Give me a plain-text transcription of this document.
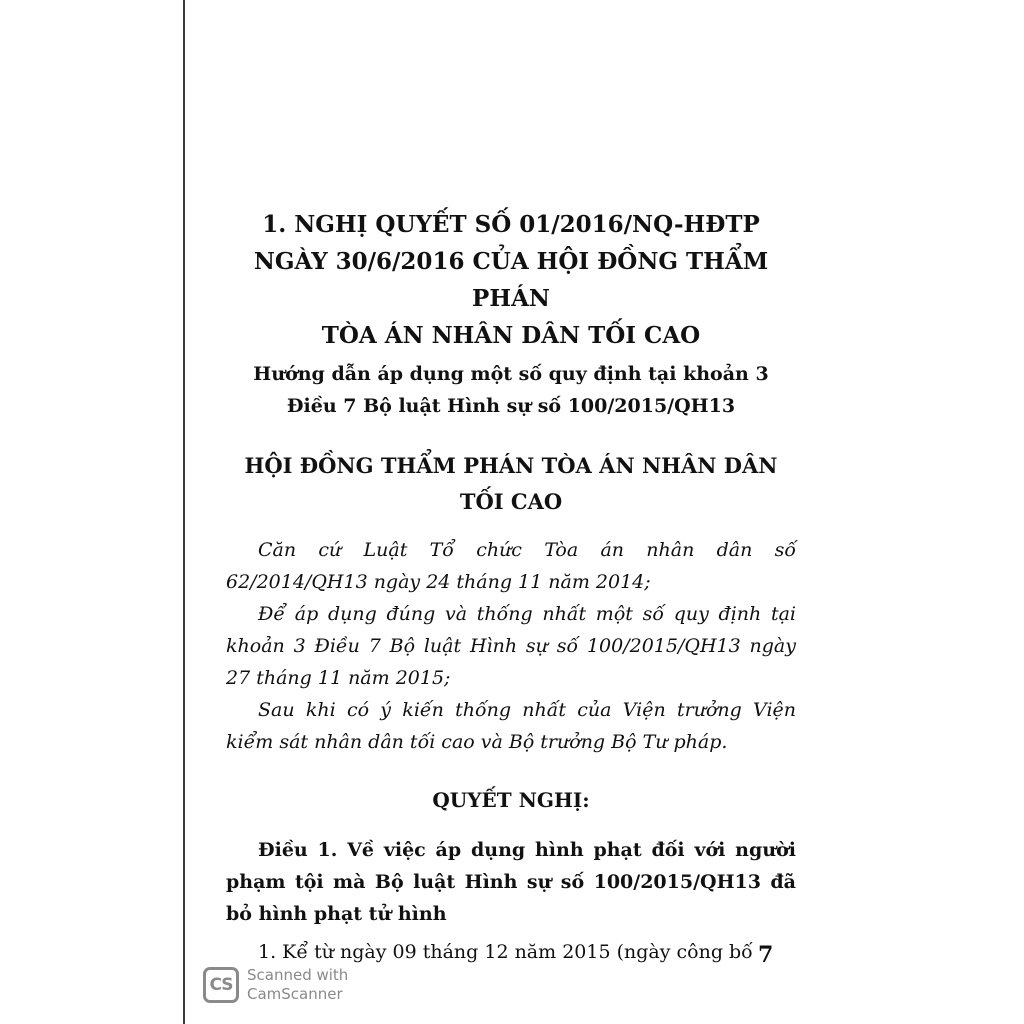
1. NGHỊ QUYẾT SỐ 01/2016/NQ-HĐTP
NGÀY 30/6/2016 CỦA HỘI ĐỒNG THẨM PHÁN
TÒA ÁN NHÂN DÂN TỐI CAO
Hướng dẫn áp dụng một số quy định tại khoản 3
Điều 7 Bộ luật Hình sự số 100/2015/QH13
HỘI ĐỒNG THẨM PHÁN TÒA ÁN NHÂN DÂN
TỐI CAO

Căn cứ Luật Tổ chức Tòa án nhân dân số 62/2014/QH13 ngày 24 tháng 11 năm 2014;

Để áp dụng đúng và thống nhất một số quy định tại khoản 3 Điều 7 Bộ luật Hình sự số 100/2015/QH13 ngày 27 tháng 11 năm 2015;

Sau khi có ý kiến thống nhất của Viện trưởng Viện kiểm sát nhân dân tối cao và Bộ trưởng Bộ Tư pháp.

QUYẾT NGHỊ:
Điều 1. Về việc áp dụng hình phạt đối với người phạm tội mà Bộ luật Hình sự số 100/2015/QH13 đã bỏ hình phạt tử hình
1. Kể từ ngày 09 tháng 12 năm 2015 (ngày công bố 7
CS Scanned with
CamScanner
